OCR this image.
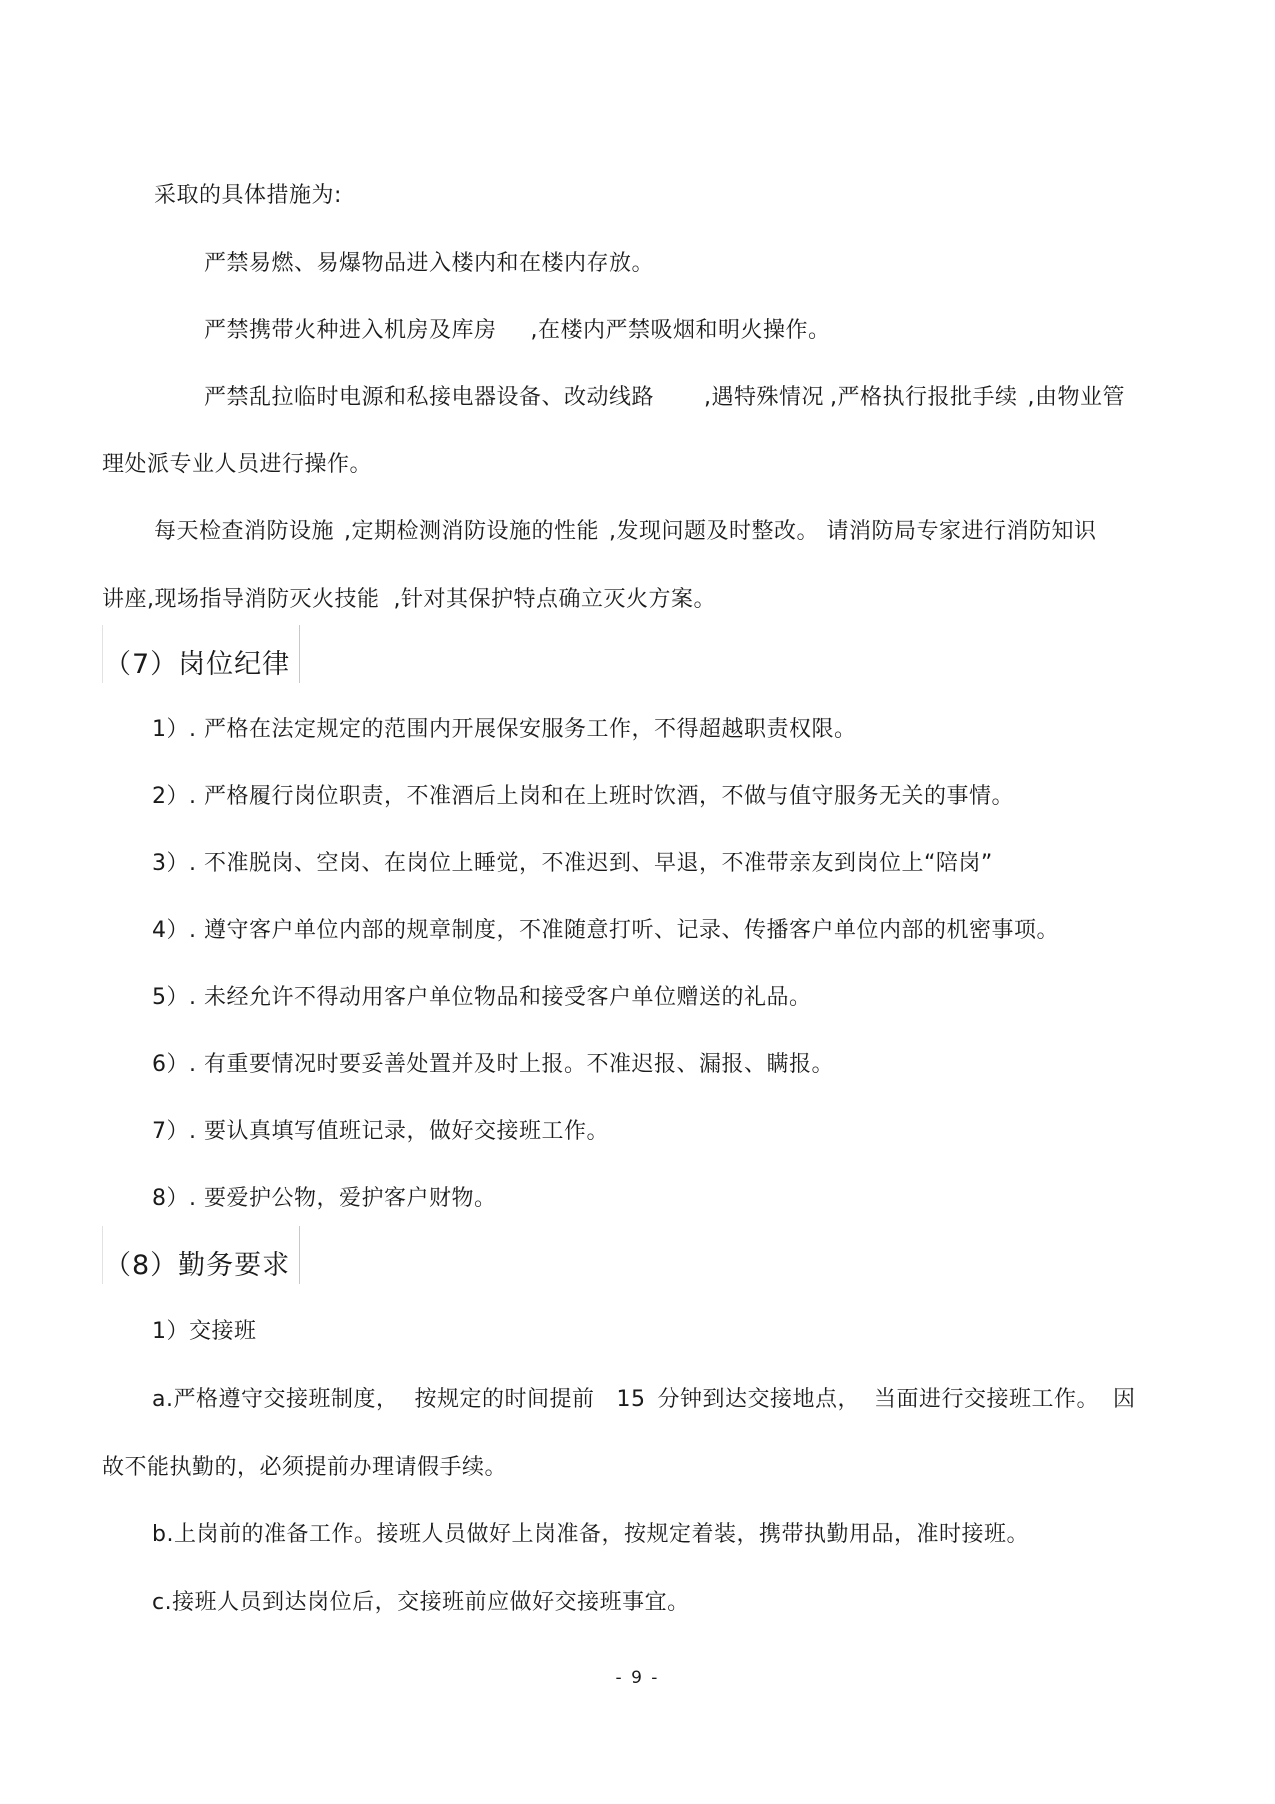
采取的具体措施为:
严禁易燃、易爆物品进入楼内和在楼内存放。
严禁携带火种进入机房及库房 ,在楼内严禁吸烟和明火操作。
严禁乱拉临时电源和私接电器设备、改动线路 ,遇特殊情况 ,严格执行报批手续 ,由物业管
理处派专业人员进行操作。
每天检查消防设施 ,定期检测消防设施的性能 ,发现问题及时整改。 请消防局专家进行消防知识
讲座,现场指导消防灭火技能 ,针对其保护特点确立灭火方案。
（7）岗位纪律
1）. 严格在法定规定的范围内开展保安服务工作，不得超越职责权限。
2）. 严格履行岗位职责，不准酒后上岗和在上班时饮酒，不做与值守服务无关的事情。
3）. 不准脱岗、空岗、在岗位上睡觉，不准迟到、早退，不准带亲友到岗位上“陪岗”
4）. 遵守客户单位内部的规章制度，不准随意打听、记录、传播客户单位内部的机密事项。
5）. 未经允许不得动用客户单位物品和接受客户单位赠送的礼品。
6）. 有重要情况时要妥善处置并及时上报。不准迟报、漏报、瞒报。
7）. 要认真填写值班记录，做好交接班工作。
8）. 要爱护公物，爱护客户财物。
（8）勤务要求
1）交接班
a.严格遵守交接班制度， 按规定的时间提前 15 分钟到达交接地点， 当面进行交接班工作。 因
故不能执勤的，必须提前办理请假手续。
b.上岗前的准备工作。接班人员做好上岗准备，按规定着装，携带执勤用品，准时接班。
c.接班人员到达岗位后，交接班前应做好交接班事宜。
- 9 -
